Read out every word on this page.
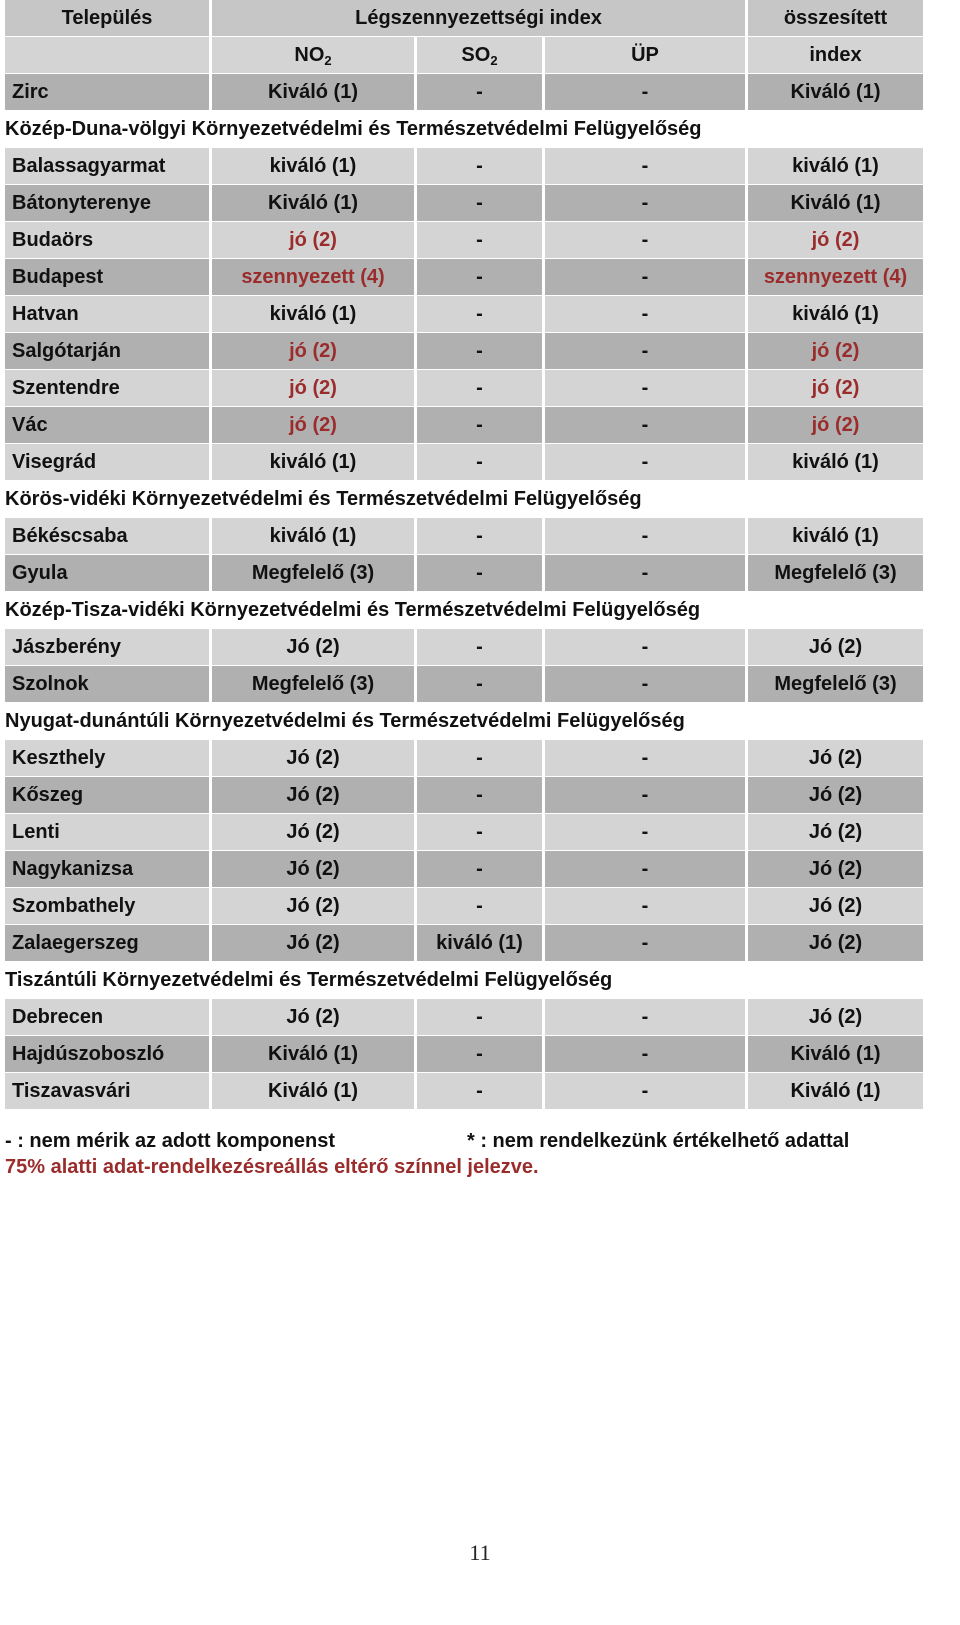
Település	Légszennyezettségi index			összesített
	$NO_2$	$SO_2$	ÜP	index
Zirc	Kiváló (1)	-	-	Kiváló (1)
Közép-Duna-völgyi Környezetvédelmi és Természetvédelmi Felügyelőség				
Balassagyarmat	kiváló (1)	-	-	kiváló (1)
Bátonyterenye	Kiváló (1)	-	-	Kiváló (1)
Budaörs	jó (2)	-	-	jó (2)
Budapest	szennyezett (4)	-	-	szennyezett (4)
Hatvan	kiváló (1)	-	-	kiváló (1)
Salgótarján	jó (2)	-	-	jó (2)
Szentendre	jó (2)	-	-	jó (2)
Vác	jó (2)	-	-	jó (2)
Visegrád	kiváló (1)	-	-	kiváló (1)
Körös-vidéki Környezetvédelmi és Természetvédelmi Felügyelőség				
Békéscsaba	kiváló (1)	-	-	kiváló (1)
Gyula	Megfelelő (3)	-	-	Megfelelő (3)
Közép-Tisza-vidéki Környezetvédelmi és Természetvédelmi Felügyelőség				
Jászberény	Jó (2)	-	-	Jó (2)
Szolnok	Megfelelő (3)	-	-	Megfelelő (3)
Nyugat-dunántúli Környezetvédelmi és Természetvédelmi Felügyelőség				
Keszthely	Jó (2)	-	-	Jó (2)
Kőszeg	Jó (2)	-	-	Jó (2)
Lenti	Jó (2)	-	-	Jó (2)
Nagykanizsa	Jó (2)	-	-	Jó (2)
Szombathely	Jó (2)	-	-	Jó (2)
Zalaegerszeg	Jó (2)	kiváló (1)	-	Jó (2)
Tiszántúli Környezetvédelmi és Természetvédelmi Felügyelőség				
Debrecen	Jó (2)	-	-	Jó (2)
Hajdúszoboszló	Kiváló (1)	-	-	Kiváló (1)
Tiszavasvári	Kiváló (1)	-	-	Kiváló (1)
- : nem mérik az adott komponenst	* : nem rendelkezünk értékelhető adattal
75% alatti adat-rendelkezésreállás eltérő színnel jelezve.
11
